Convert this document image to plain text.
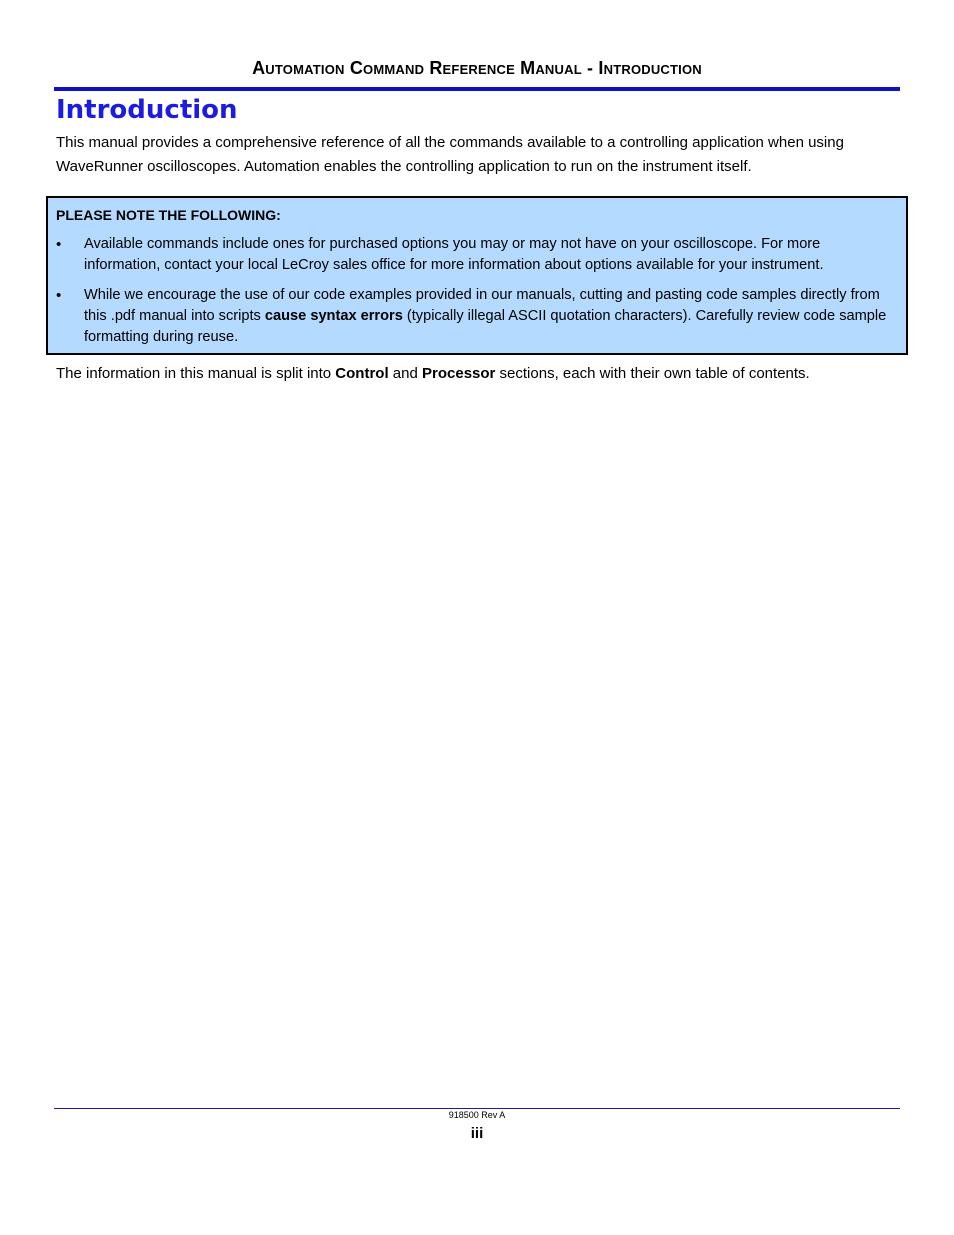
Automation Command Reference Manual - Introduction
Introduction

This manual provides a comprehensive reference of all the commands available to a controlling application when using WaveRunner oscilloscopes. Automation enables the controlling application to run on the instrument itself.

PLEASE NOTE THE FOLLOWING:
• Available commands include ones for purchased options you may or may not have on your oscilloscope. For more information, contact your local LeCroy sales office for more information about options available for your instrument.
• While we encourage the use of our code examples provided in our manuals, cutting and pasting code samples directly from this .pdf manual into scripts cause syntax errors (typically illegal ASCII quotation characters). Carefully review code sample formatting during reuse.

The information in this manual is split into Control and Processor sections, each with their own table of contents.

918500 Rev A
iii
